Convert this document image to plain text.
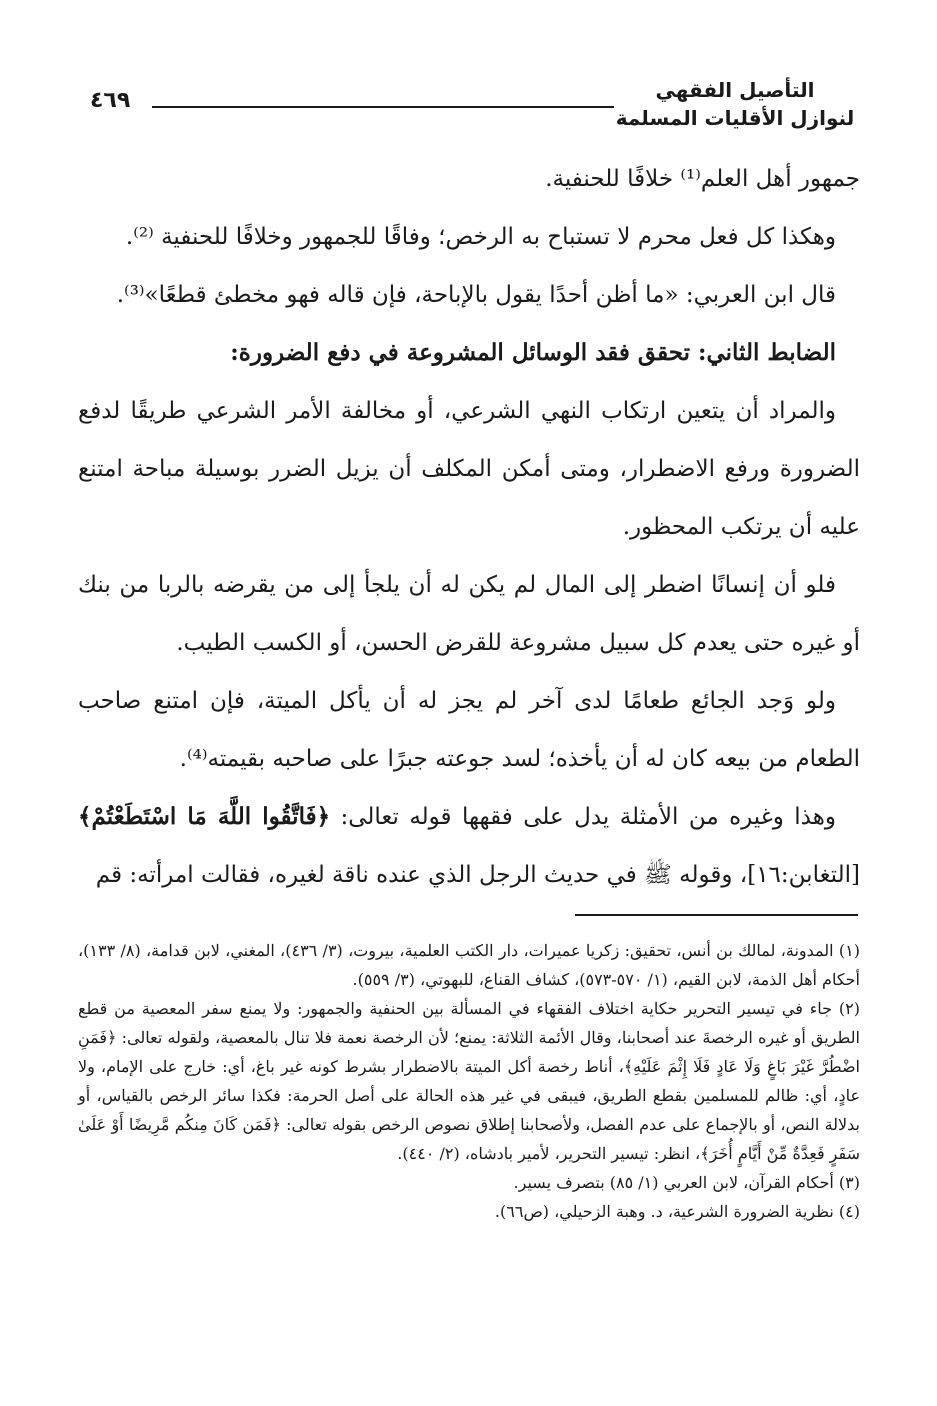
التأصيل الفقهي
لنوازل الأقليات المسلمة
٤٦٩

جمهور أهل العلم⁽¹⁾ خلافًا للحنفية.

وهكذا كل فعل محرم لا تستباح به الرخص؛ وفاقًا للجمهور وخلافًا للحنفية ⁽²⁾.

قال ابن العربي: «ما أظن أحدًا يقول بالإباحة، فإن قاله فهو مخطئ قطعًا»⁽³⁾.

الضابط الثاني: تحقق فقد الوسائل المشروعة في دفع الضرورة:

والمراد أن يتعين ارتكاب النهي الشرعي، أو مخالفة الأمر الشرعي طريقًا لدفع الضرورة ورفع الاضطرار، ومتى أمكن المكلف أن يزيل الضرر بوسيلة مباحة امتنع عليه أن يرتكب المحظور.

فلو أن إنسانًا اضطر إلى المال لم يكن له أن يلجأ إلى من يقرضه بالربا من بنك أو غيره حتى يعدم كل سبيل مشروعة للقرض الحسن، أو الكسب الطيب.

ولو وَجد الجائع طعامًا لدى آخر لم يجز له أن يأكل الميتة، فإن امتنع صاحب الطعام من بيعه كان له أن يأخذه؛ لسد جوعته جبرًا على صاحبه بقيمته⁽⁴⁾.

وهذا وغيره من الأمثلة يدل على فقهها قوله تعالى: ﴿فَاتَّقُوا اللَّهَ مَا اسْتَطَعْتُمْ﴾ [التغابن:١٦]، وقوله ﷺ في حديث الرجل الذي عنده ناقة لغيره، فقالت امرأته: قم

(١) المدونة، لمالك بن أنس، تحقيق: زكريا عميرات، دار الكتب العلمية، بيروت، (٣/ ٤٣٦)، المغني، لابن قدامة، (٨/ ١٣٣)، أحكام أهل الذمة، لابن القيم، (١/ ٥٧٠-٥٧٣)، كشاف القناع، للبهوتي، (٣/ ٥٥٩).

(٢) جاء في تيسير التحرير حكاية اختلاف الفقهاء في المسألة بين الحنفية والجمهور: ولا يمنع سفر المعصية من قطع الطريق أو غيره الرخصةَ عند أصحابنا، وقال الأئمة الثلاثة: يمنع؛ لأن الرخصة نعمة فلا تنال بالمعصية، ولقوله تعالى: ﴿فَمَنِ اضْطُرَّ غَيْرَ بَاغٍ وَلَا عَادٍ فَلَا إِثْمَ عَلَيْهِ﴾، أناط رخصة أكل الميتة بالاضطرار بشرط كونه غير باغ، أي: خارج على الإمام، ولا عادٍ، أي: ظالم للمسلمين بقطع الطريق، فيبقى في غير هذه الحالة على أصل الحرمة: فكذا سائر الرخص بالقياس، أو بدلالة النص، أو بالإجماع على عدم الفصل، ولأصحابنا إطلاق نصوص الرخص بقوله تعالى: ﴿فَمَن كَانَ مِنكُم مَّرِيضًا أَوْ عَلَىٰ سَفَرٍ فَعِدَّةٌ مِّنْ أَيَّامٍ أُخَرَ﴾، انظر: تيسير التحرير، لأمير بادشاه، (٢/ ٤٤٠).

(٣) أحكام القرآن، لابن العربي (١/ ٨٥) بتصرف يسير.

(٤) نظرية الضرورة الشرعية، د. وهبة الزحيلي، (ص٦٦).
